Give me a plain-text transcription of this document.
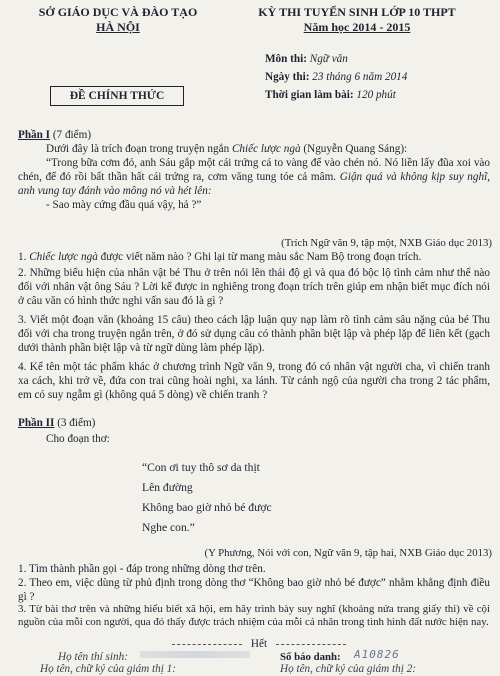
SỞ GIÁO DỤC VÀ ĐÀO TẠO
HÀ NỘI
ĐỀ CHÍNH THỨC
KỲ THI TUYỂN SINH LỚP 10 THPT
Năm học 2014 - 2015
Môn thi: Ngữ văn
Ngày thi: 23 tháng 6 năm 2014
Thời gian làm bài: 120 phút
Phần I (7 điểm)
Dưới đây là trích đoạn trong truyện ngắn Chiếc lược ngà (Nguyễn Quang Sáng):
“Trong bữa cơm đó, anh Sáu gắp một cái trứng cá to vàng để vào chén nó. Nó liền lấy đũa xoi vào chén, để đó rồi bất thần hất cái trứng ra, cơm văng tung tóe cả mâm. Giận quá và không kịp suy nghĩ, anh vung tay đánh vào mông nó và hét lên:
- Sao mày cứng đầu quá vậy, hả ?”
(Trích Ngữ văn 9, tập một, NXB Giáo dục 2013)
1. Chiếc lược ngà được viết năm nào ? Ghi lại từ mang màu sắc Nam Bộ trong đoạn trích.
2. Những biểu hiện của nhân vật bé Thu ở trên nói lên thái độ gì và qua đó bộc lộ tình cảm như thế nào đối với nhân vật ông Sáu ? Lời kể được in nghiêng trong đoạn trích trên giúp em nhận biết mục đích nói ở câu văn có hình thức nghi vấn sau đó là gì ?
3. Viết một đoạn văn (khoảng 15 câu) theo cách lập luận quy nạp làm rõ tình cảm sâu nặng của bé Thu đối với cha trong truyện ngắn trên, ở đó sử dụng câu có thành phần biệt lập và phép lặp để liên kết (gạch dưới thành phần biệt lập và từ ngữ dùng làm phép lặp).
4. Kể tên một tác phẩm khác ở chương trình Ngữ văn 9, trong đó có nhân vật người cha, vì chiến tranh xa cách, khi trở về, đứa con trai cũng hoài nghi, xa lánh. Từ cảnh ngộ của người cha trong 2 tác phẩm, em có suy ngẫm gì (không quá 5 dòng) về chiến tranh ?
Phần II (3 điểm)
Cho đoạn thơ:
“Con ơi tuy thô sơ da thịt
Lên đường
Không bao giờ nhỏ bé được
Nghe con.”
(Y Phương, Nói với con, Ngữ văn 9, tập hai, NXB Giáo dục 2013)
1. Tìm thành phần gọi - đáp trong những dòng thơ trên.
2. Theo em, việc dùng từ phủ định trong dòng thơ “Không bao giờ nhỏ bé được” nhằm khẳng định điều gì ?
3. Từ bài thơ trên và những hiểu biết xã hội, em hãy trình bày suy nghĩ (khoảng nửa trang giấy thi) về cội nguồn của mỗi con người, qua đó thấy được trách nhiệm của mỗi cá nhân trong tình hình đất nước hiện nay.
Hết
Họ tên thí sinh:	Số báo danh:	A10826
Họ tên, chữ ký của giám thị 1:	Họ tên, chữ ký của giám thị 2:
